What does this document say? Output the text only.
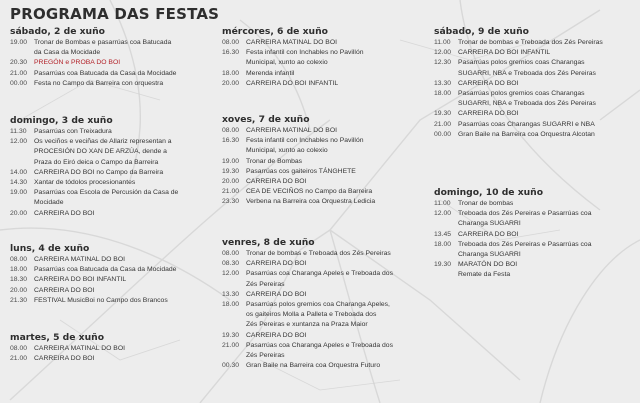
PROGRAMA DAS FESTAS
sábado, 2 de xuño
19.00	Tronar de Bombas e pasarrúas coa Batucada
da Casa da Mocidade
20.30	PREGÓN e PROBA DO BOI
21.00	Pasarrúas coa Batucada da Casa da Mocidade
00.00	Festa no Campo da Barreira con orquestra
domingo, 3 de xuño
11.30	Pasarrúas con Treixadura
12.00	Os veciños e veciñas de Allariz representan a
PROCESIÓN DO XAN DE ARZÚA, dende a
Praza do Eiró deica o Campo da Barreira
14.00	CARREIRA DO BOI no Campo da Barreira
14.30	Xantar de tódolos procesionantes
19.00	Pasarrúas coa Escola de Percusión da Casa de
Mocidade
20.00	CARREIRA DO BOI
luns, 4 de xuño
08.00	CARREIRA MATINAL DO BOI
18.00	Pasarrúas coa Batucada da Casa da Mocidade
18.30	CARREIRA DO BOI INFANTIL
20.00	CARREIRA DO BOI
21.30	FESTIVAL MusicBoi no Campo dos Brancos
martes, 5 de xuño
08.00	CARREIRA MATINAL DO BOI
21.00	CARREIRA DO BOI
mércores, 6 de xuño
08.00	CARREIRA MATINAL DO BOI
16.30	Festa infantil con Inchables no Pavillón
Municipal, xunto ao colexio
18.00	Merenda infantil
20.00	CARREIRA DO BOI INFANTIL
xoves, 7 de xuño
08.00	CARREIRA MATINAL DO BOI
16.30	Festa infantil con Inchables no Pavillón
Municipal, xunto ao colexio
19.00	Tronar de Bombas
19.30	Pasarrúas cos gaiteiros TÁNGHETE
20.00	CARREIRA DO BOI
21.00	CEA DE VECIÑOS no Campo da Barreira
23.30	Verbena na Barreira coa Orquestra Ledicia
venres, 8 de xuño
08.00	Tronar de bombas e Treboada dos Zés Pereiras
08.30	CARREIRA DO BOI
12.00	Pasarrúas coa Charanga Apeles e Treboada dos
Zés Pereiras
13.30	CARREIRA DO BOI
18.00	Pasarrúas polos gremios coa Charanga Apeles,
os gaiteiros Molla a Palleta e Treboada dos
Zés Pereiras e xuntanza na Praza Maior
19.30	CARREIRA DO BOI
21.00	Pasarrúas coa Charanga Apeles e Treboada dos
Zés Pereiras
00.30	Gran Baile na Barreira coa Orquestra Futuro
sábado, 9 de xuño
11.00	Tronar de bombas e Treboada dos Zés Pereiras
12.00	CARREIRA DO BOI INFANTIL
12.30	Pasarrúas polos gremios coas Charangas
SUGARRI, NBA e Treboada dos Zés Pereiras
13.30	CARREIRA DO BOI
18.00	Pasarrúas polos gremios coas Charangas
SUGARRI, NBA e Treboada dos Zés Pereiras
19.30	CARREIRA DO BOI
21.00	Pasarrúas coas Charangas SUGARRI e NBA
00.00	Gran Baile na Barreira coa Orquestra Alcotan
domingo, 10 de xuño
11.00	Tronar de bombas
12.00	Treboada dos Zés Pereiras e Pasarrúas coa
Charanga SUGARRI
13.45	CARREIRA DO BOI
18.00	Treboada dos Zés Pereiras e Pasarrúas coa
Charanga SUGARRI
19.30	MARATÓN DO BOI
Remate da Festa
